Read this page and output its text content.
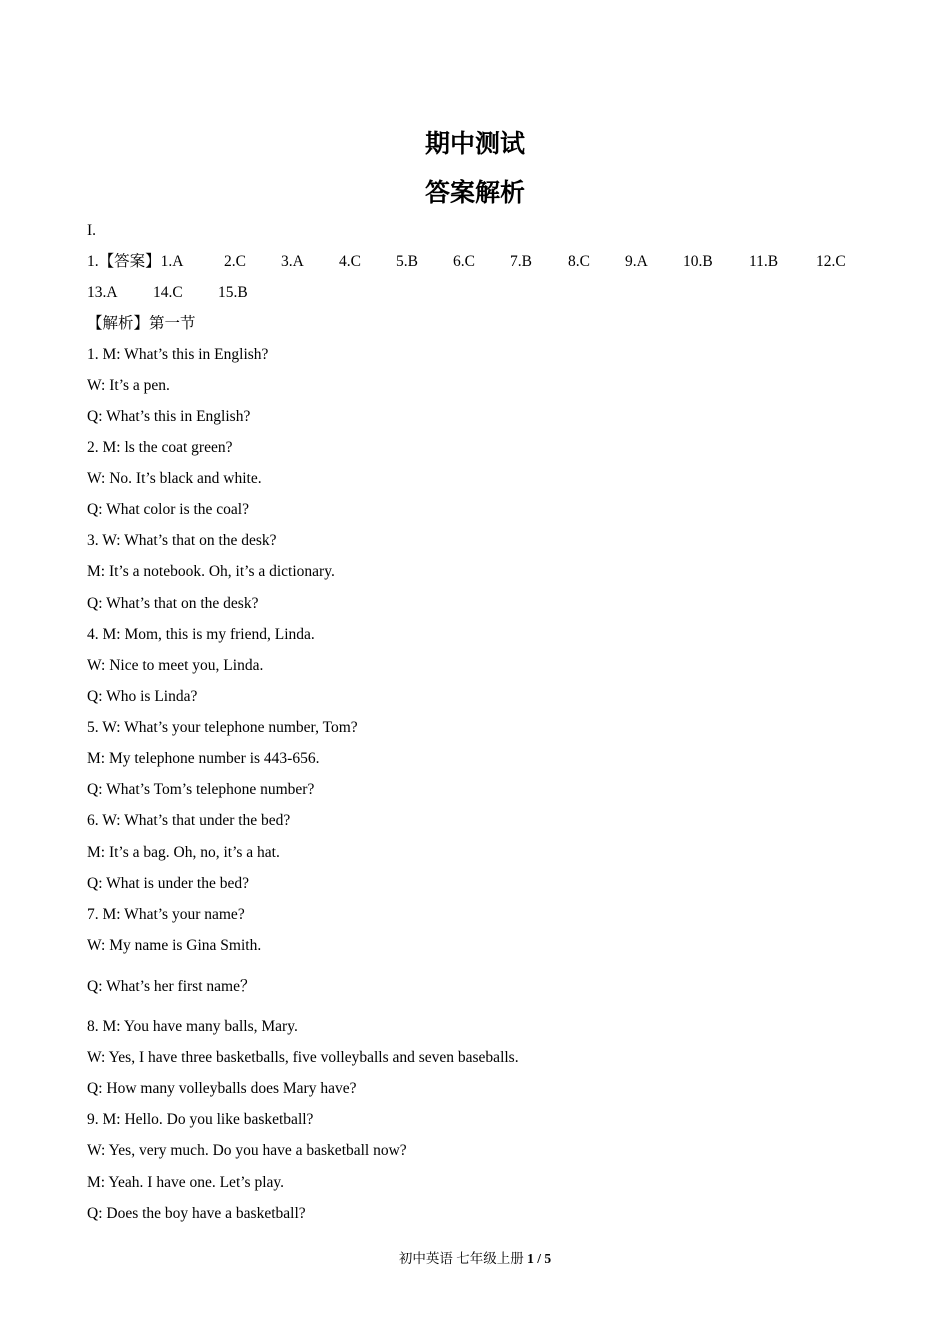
期中测试
答案解析
I.
1.【答案】1.A	2.C 3.A 4.C 5.B 6.C 7.B 8.C 9.A 10.B 11.B 12.C
13.A 14.C 15.B
【解析】第一节
1. M: What’s this in English?
W: It’s a pen.
Q: What’s this in English?
2. M: ls the coat green?
W: No. It’s black and white.
Q: What color is the coal?
3. W: What’s that on the desk?
M: It’s a notebook. Oh, it’s a dictionary.
Q: What’s that on the desk?
4. M: Mom, this is my friend, Linda.
W: Nice to meet you, Linda.
Q: Who is Linda?
5. W: What’s your telephone number, Tom?
M: My telephone number is 443-656.
Q: What’s Tom’s telephone number?
6. W: What’s that under the bed?
M: It’s a bag. Oh, no, it’s a hat.
Q: What is under the bed?
7. M: What’s your name?
W: My name is Gina Smith.
Q: What’s her first name？
8. M: You have many balls, Mary.
W: Yes, I have three basketballs, five volleyballs and seven baseballs.
Q: How many volleyballs does Mary have?
9. M: Hello. Do you like basketball?
W: Yes, very much. Do you have a basketball now?
M: Yeah. I have one. Let’s play.
Q: Does the boy have a basketball?
初中英语 七年级上册 1 / 5
